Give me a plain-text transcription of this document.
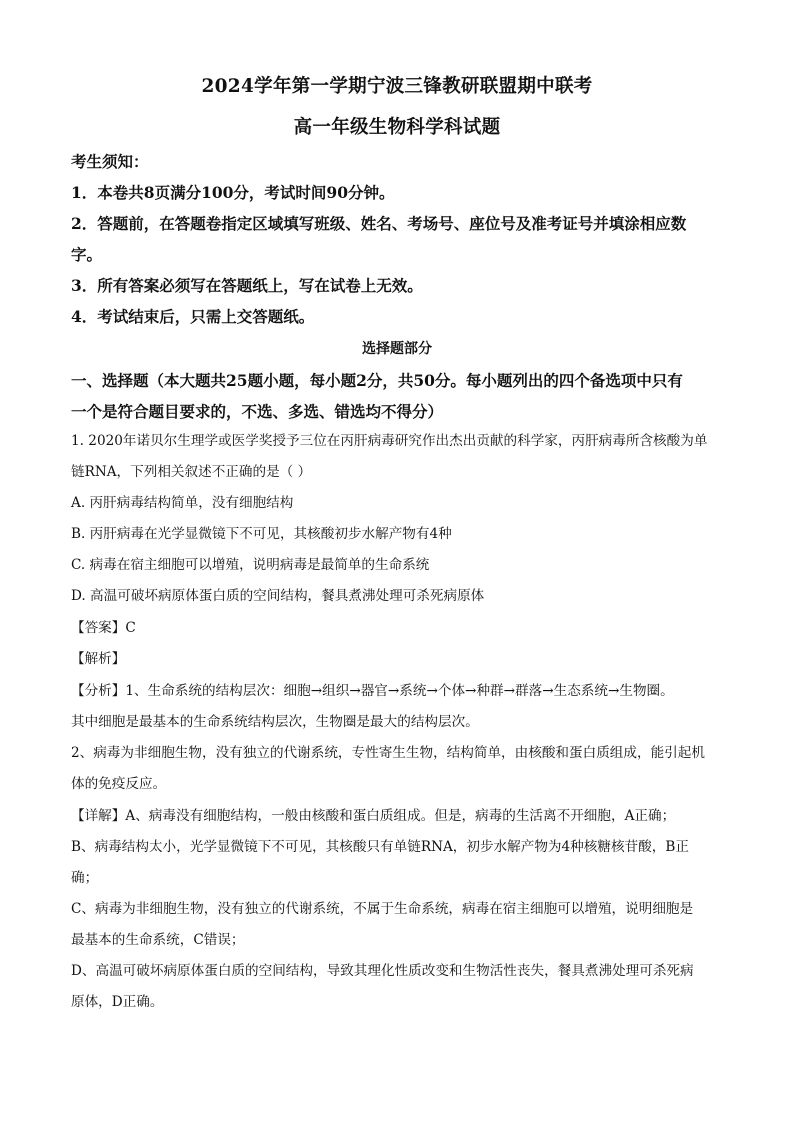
2024学年第一学期宁波三锋教研联盟期中联考
高一年级生物科学科试题
考生须知：
1．本卷共8页满分100分，考试时间90分钟。
2．答题前，在答题卷指定区域填写班级、姓名、考场号、座位号及准考证号并填涂相应数
字。
3．所有答案必须写在答题纸上，写在试卷上无效。
4．考试结束后，只需上交答题纸。
选择题部分
一、选择题（本大题共25题小题，每小题2分，共50分。每小题列出的四个备选项中只有
一个是符合题目要求的，不选、多选、错选均不得分）
1. 2020年诺贝尔生理学或医学奖授予三位在丙肝病毒研究作出杰出贡献的科学家，丙肝病毒所含核酸为单
链RNA，下列相关叙述不正确的是（ ）
A. 丙肝病毒结构简单，没有细胞结构
B. 丙肝病毒在光学显微镜下不可见，其核酸初步水解产物有4种
C. 病毒在宿主细胞可以增殖，说明病毒是最简单的生命系统
D. 高温可破坏病原体蛋白质的空间结构，餐具煮沸处理可杀死病原体
【答案】C
【解析】
【分析】1、生命系统的结构层次：细胞→组织→器官→系统→个体→种群→群落→生态系统→生物圈。
其中细胞是最基本的生命系统结构层次，生物圈是最大的结构层次。
2、病毒为非细胞生物，没有独立的代谢系统，专性寄生生物，结构简单，由核酸和蛋白质组成，能引起机
体的免疫反应。
【详解】A、病毒没有细胞结构，一般由核酸和蛋白质组成。但是，病毒的生活离不开细胞，A正确；
B、病毒结构太小，光学显微镜下不可见，其核酸只有单链RNA，初步水解产物为4种核糖核苷酸，B正
确；
C、病毒为非细胞生物，没有独立的代谢系统，不属于生命系统，病毒在宿主细胞可以增殖，说明细胞是
最基本的生命系统，C错误；
D、高温可破坏病原体蛋白质的空间结构，导致其理化性质改变和生物活性丧失，餐具煮沸处理可杀死病
原体，D正确。
